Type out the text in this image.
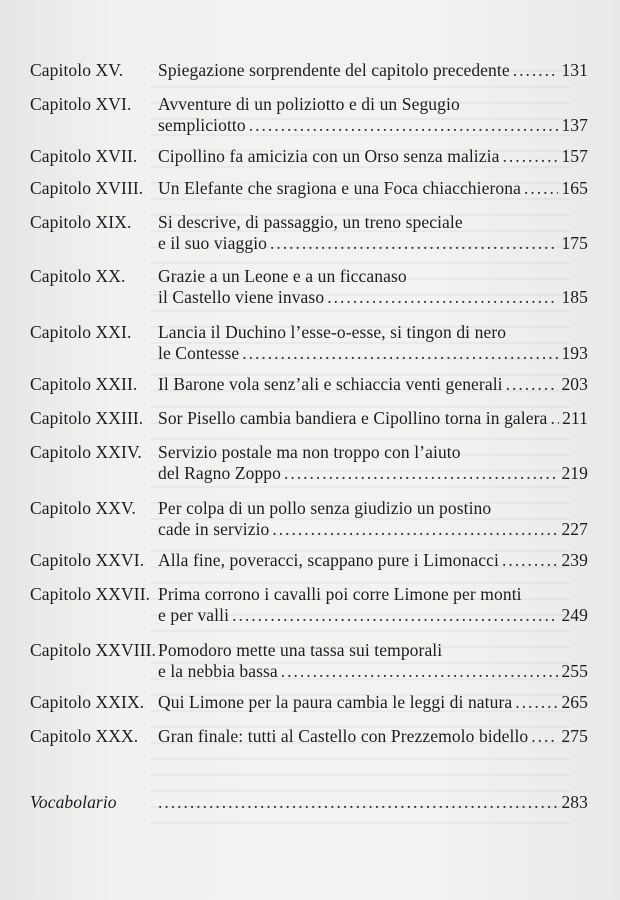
Capitolo XV. Spiegazione sorprendente del capitolo precedente .....	131
Capitolo XVI. Avventure di un poliziotto e di un Segugio
sempliciotto .....	137
Capitolo XVII. Cipollino fa amicizia con un Orso senza malizia .....	157
Capitolo XVIII. Un Elefante che sragiona e una Foca chiacchierona ..... 165
Capitolo XIX. Si descrive, di passaggio, un treno speciale
e il suo viaggio .....	175
Capitolo XX. Grazie a un Leone e a un ficcanaso
il Castello viene invaso .....	185
Capitolo XXI. Lancia il Duchino l’esse-o-esse, si tingon di nero
le Contesse .....	193
Capitolo XXII. Il Barone vola senz’ali e schiaccia venti generali .....	203
Capitolo XXIII. Sor Pisello cambia bandiera e Cipollino torna in galera ..... 211
Capitolo XXIV. Servizio postale ma non troppo con l’aiuto
del Ragno Zoppo .....	219
Capitolo XXV. Per colpa di un pollo senza giudizio un postino
cade in servizio .....	227
Capitolo XXVI. Alla fine, poveracci, scappano pure i Limonacci .....	239
Capitolo XXVII. Prima corrono i cavalli poi corre Limone per monti
e per valli .....	249
Capitolo XXVIII. Pomodoro mette una tassa sui temporali
e la nebbia bassa .....	255
Capitolo XXIX. Qui Limone per la paura cambia le leggi di natura .....	265
Capitolo XXX. Gran finale: tutti al Castello con Prezzemolo bidello ..... 275
Vocabolario .....	283
